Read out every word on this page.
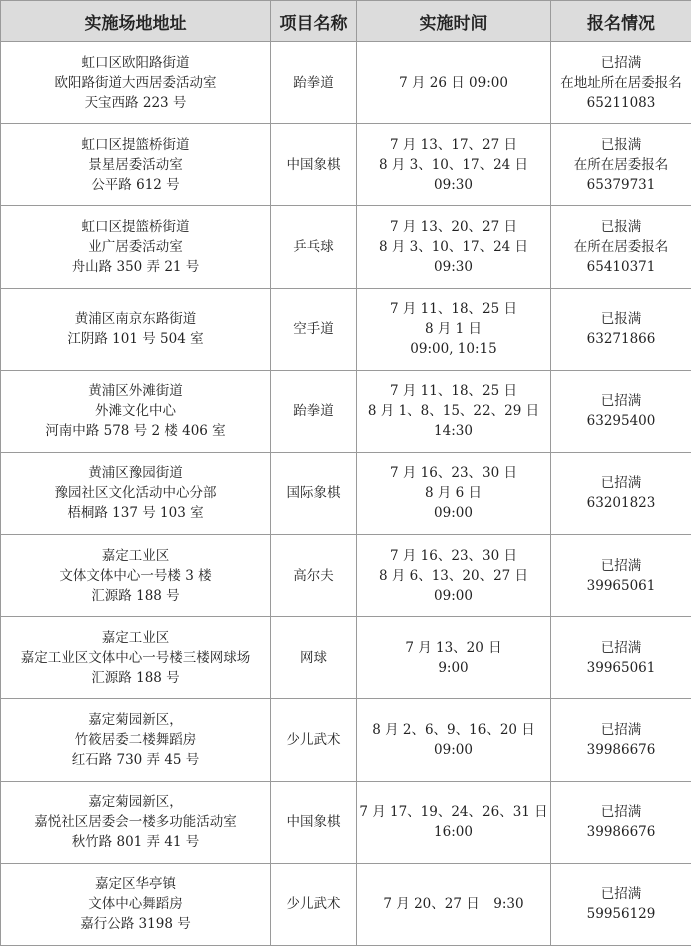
实施场地地址	项目名称	实施时间	报名情况

虹口区欧阳路街道
欧阳路街道大西居委活动室
天宝西路 223 号	跆拳道	7 月 26 日 09:00	已招满
在地址所在居委报名
65211083

虹口区提篮桥街道
景星居委活动室
公平路 612 号	中国象棋	7 月 13、17、27 日
8 月 3、10、17、24 日
09:30	已报满
在所在居委报名
65379731

虹口区提篮桥街道
业广居委活动室
舟山路 350 弄 21 号	乒乓球	7 月 13、20、27 日
8 月 3、10、17、24 日
09:30	已报满
在所在居委报名
65410371

黄浦区南京东路街道
江阴路 101 号 504 室	空手道	7 月 11、18、25 日
8 月 1 日
09:00, 10:15	已报满
63271866

黄浦区外滩街道
外滩文化中心
河南中路 578 号 2 楼 406 室	跆拳道	7 月 11、18、25 日
8 月 1、8、15、22、29 日
14:30	已招满
63295400

黄浦区豫园街道
豫园社区文化活动中心分部
梧桐路 137 号 103 室	国际象棋	7 月 16、23、30 日
8 月 6 日
09:00	已招满
63201823

嘉定工业区
文体文体中心一号楼 3 楼
汇源路 188 号	高尔夫	7 月 16、23、30 日
8 月 6、13、20、27 日
09:00	已招满
39965061

嘉定工业区
嘉定工业区文体中心一号楼三楼网球场
汇源路 188 号	网球	7 月 13、20 日
9:00	已招满
39965061

嘉定菊园新区，
竹筱居委二楼舞蹈房
红石路 730 弄 45 号	少儿武术	8 月 2、6、9、16、20 日
09:00	已招满
39986676

嘉定菊园新区，
嘉悦社区居委会一楼多功能活动室
秋竹路 801 弄 41 号	中国象棋	7 月 17、19、24、26、31 日
16:00	已招满
39986676

嘉定区华亭镇
文体中心舞蹈房
嘉行公路 3198 号	少儿武术	7 月 20、27 日　9:30	已招满
59956129
